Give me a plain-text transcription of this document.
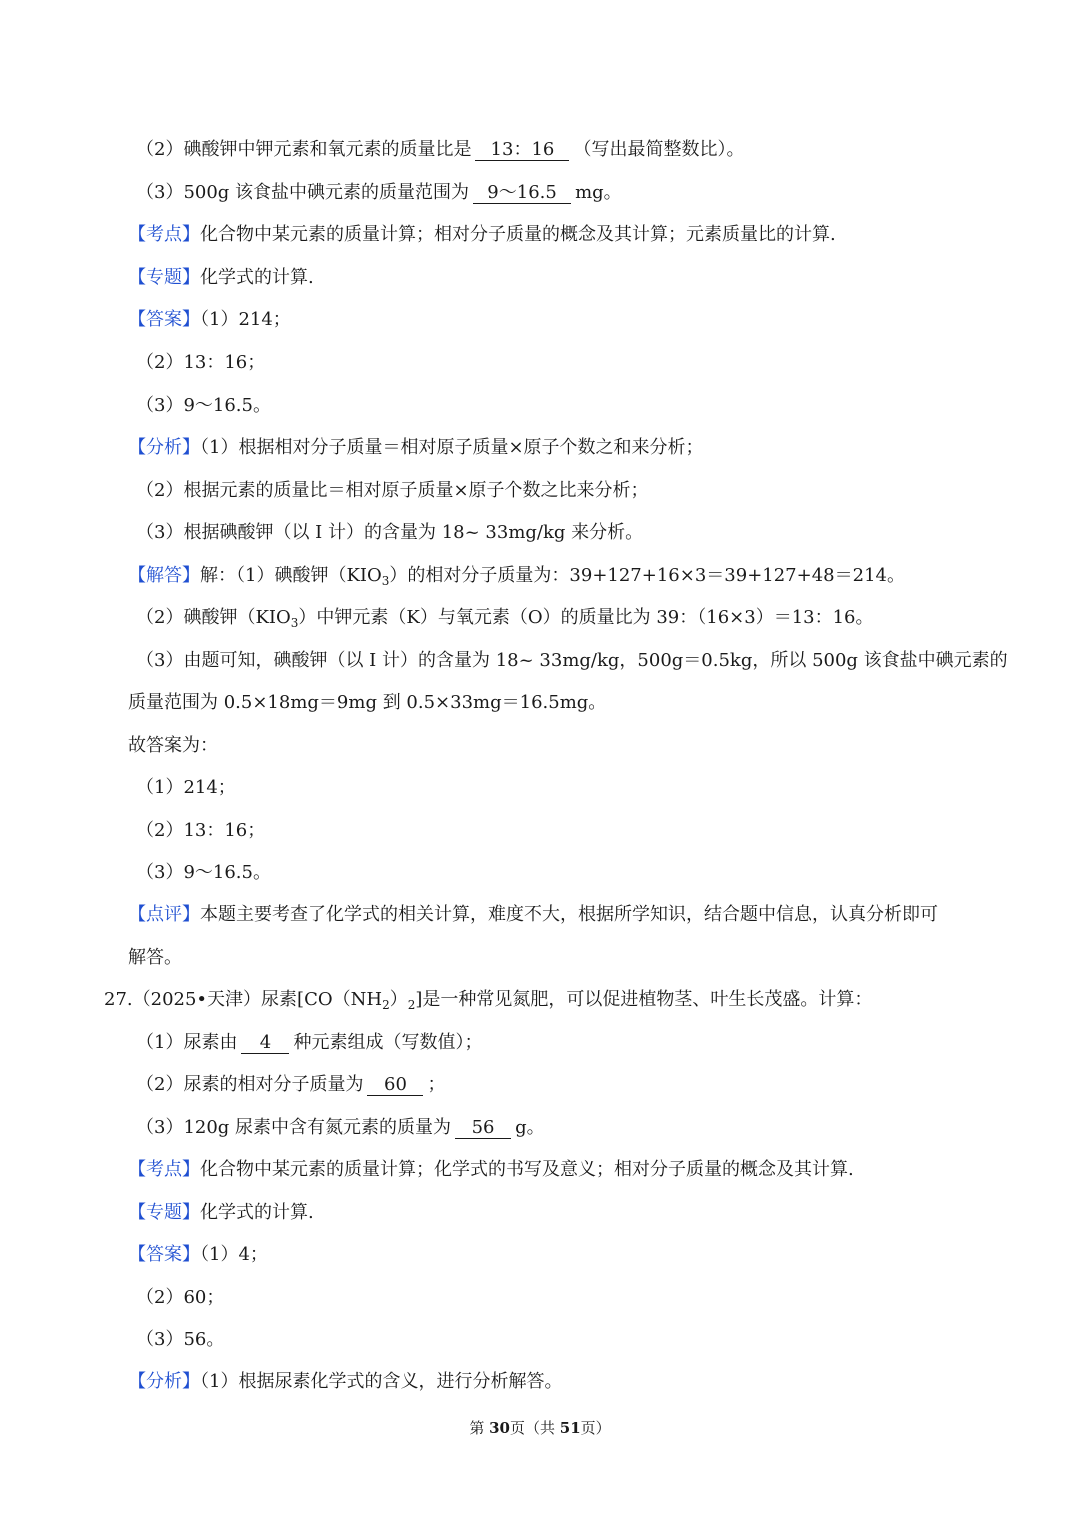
（2）碘酸钾中钾元素和氧元素的质量比是 13：16 （写出最简整数比）。
（3）500g 该食盐中碘元素的质量范围为 9～16.5 mg。
【考点】化合物中某元素的质量计算；相对分子质量的概念及其计算；元素质量比的计算.
【专题】化学式的计算.
【答案】（1）214；
（2）13：16；
（3）9～16.5。
【分析】（1）根据相对分子质量＝相对原子质量×原子个数之和来分析；
（2）根据元素的质量比＝相对原子质量×原子个数之比来分析；
（3）根据碘酸钾（以 I 计）的含量为 18~ 33mg/kg 来分析。
【解答】解：（1）碘酸钾$(KIO_3)$的相对分子质量为：39+127+16×3＝39+127+48＝214。
（2）碘酸钾$(KIO_3)$中钾元素（K）与氧元素（O）的质量比为 39：（16×3）＝13：16。
（3）由题可知，碘酸钾（以 I 计）的含量为 18~ 33mg/kg，500g＝0.5kg，所以 500g 该食盐中碘元素的
质量范围为 0.5×18mg＝9mg 到 0.5×33mg＝16.5mg。
故答案为：
（1）214；
（2）13：16；
（3）9～16.5。
【点评】本题主要考查了化学式的相关计算，难度不大，根据所学知识，结合题中信息，认真分析即可
解答。
27.（2025•天津）尿素$[CO(NH_2)_2]$是一种常见氮肥，可以促进植物茎、叶生长茂盛。计算：
（1）尿素由 4 种元素组成（写数值）；
（2）尿素的相对分子质量为 60 ；
（3）120g 尿素中含有氮元素的质量为 56 g。
【考点】化合物中某元素的质量计算；化学式的书写及意义；相对分子质量的概念及其计算.
【专题】化学式的计算.
【答案】（1）4；
（2）60；
（3）56。
【分析】（1）根据尿素化学式的含义，进行分析解答。
第 30页（共 51页）
